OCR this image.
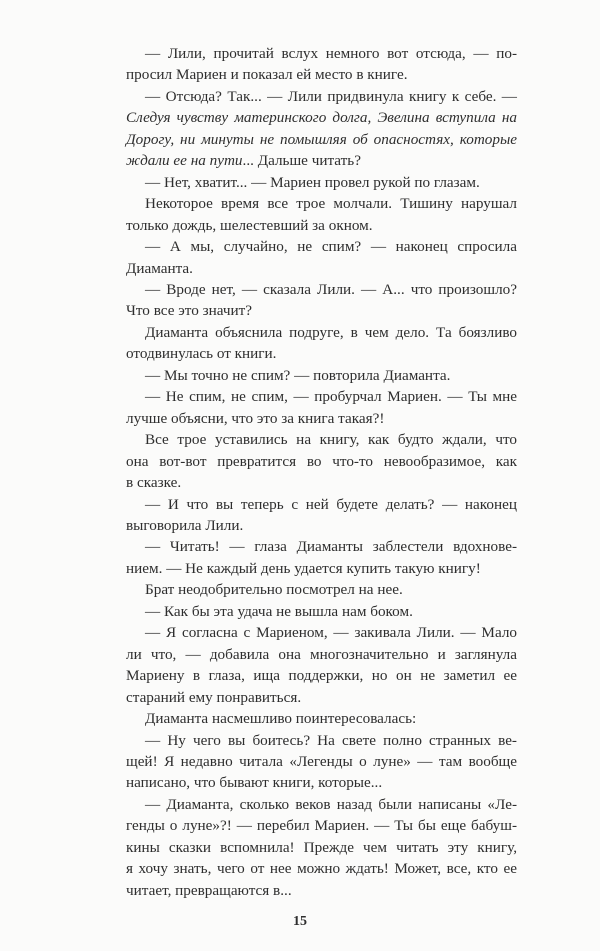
— Лили, прочитай вслух немного вот отсюда, — по-
просил Мариен и показал ей место в книге.
— Отсюда? Так... — Лили придвинула книгу к себе. —
Следуя чувству материнского долга, Эвелина вступила на
Дорогу, ни минуты не помышляя об опасностях, которые
ждали ее на пути... Дальше читать?
— Нет, хватит... — Мариен провел рукой по глазам.
Некоторое время все трое молчали. Тишину нарушал
только дождь, шелестевший за окном.
— А мы, случайно, не спим? — наконец спросила
Диаманта.
— Вроде нет, — сказала Лили. — А... что произошло?
Что все это значит?
Диаманта объяснила подруге, в чем дело. Та боязливо
отодвинулась от книги.
— Мы точно не спим? — повторила Диаманта.
— Не спим, не спим, — пробурчал Мариен. — Ты мне
лучше объясни, что это за книга такая?!
Все трое уставились на книгу, как будто ждали, что
она вот-вот превратится во что-то невообразимое, как
в сказке.
— И что вы теперь с ней будете делать? — наконец
выговорила Лили.
— Читать! — глаза Диаманты заблестели вдохнове-
нием. — Не каждый день удается купить такую книгу!
Брат неодобрительно посмотрел на нее.
— Как бы эта удача не вышла нам боком.
— Я согласна с Мариеном, — закивала Лили. — Мало
ли что, — добавила она многозначительно и заглянула
Мариену в глаза, ища поддержки, но он не заметил ее
стараний ему понравиться.
Диаманта насмешливо поинтересовалась:
— Ну чего вы боитесь? На свете полно странных ве-
щей! Я недавно читала «Легенды о луне» — там вообще
написано, что бывают книги, которые...
— Диаманта, сколько веков назад были написаны «Ле-
генды о луне»?! — перебил Мариен. — Ты бы еще бабуш-
кины сказки вспомнила! Прежде чем читать эту книгу,
я хочу знать, чего от нее можно ждать! Может, все, кто ее
читает, превращаются в...
15
